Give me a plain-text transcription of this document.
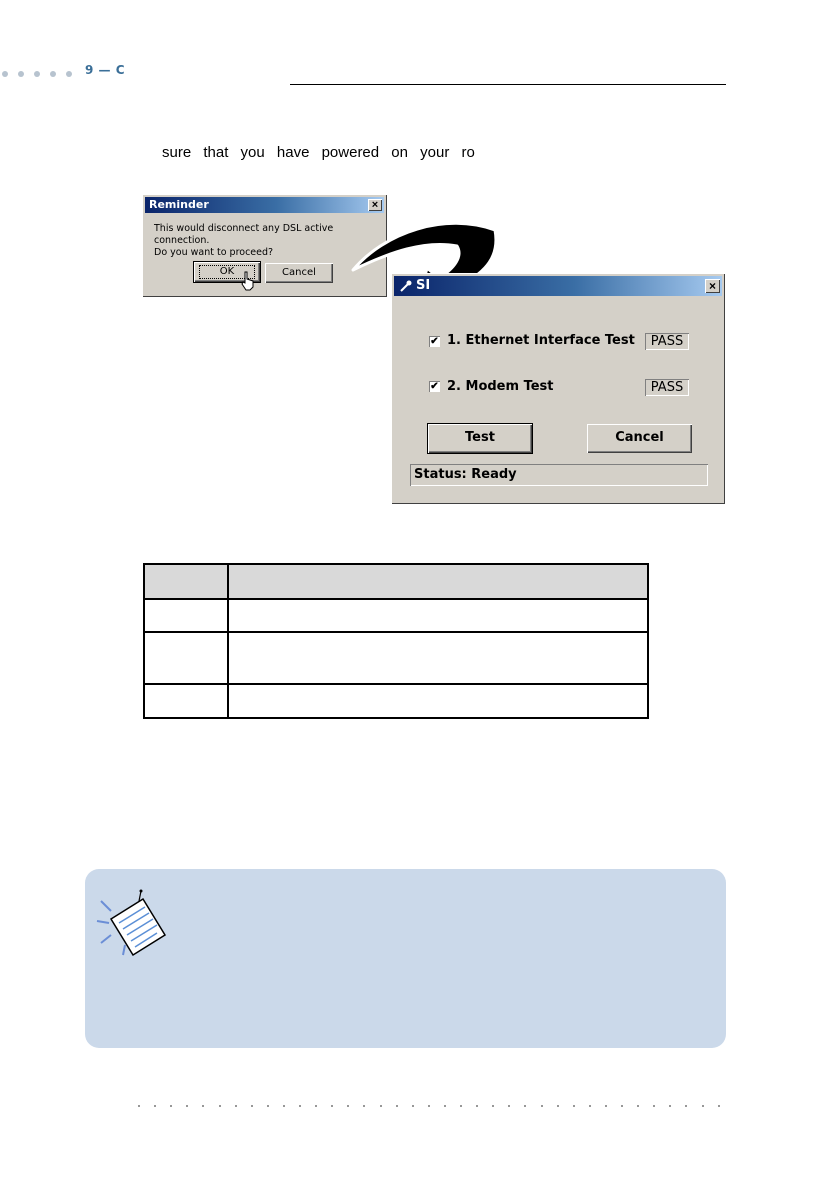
9 — C
sure that you have powered on your ro
Reminder	×
This would disconnect any DSL active connection.
Do you want to proceed?
OK	Cancel
SI	×
✔ 1. Ethernet Interface Test	PASS
✔ 2. Modem Test	PASS
Test	Cancel
Status: Ready
